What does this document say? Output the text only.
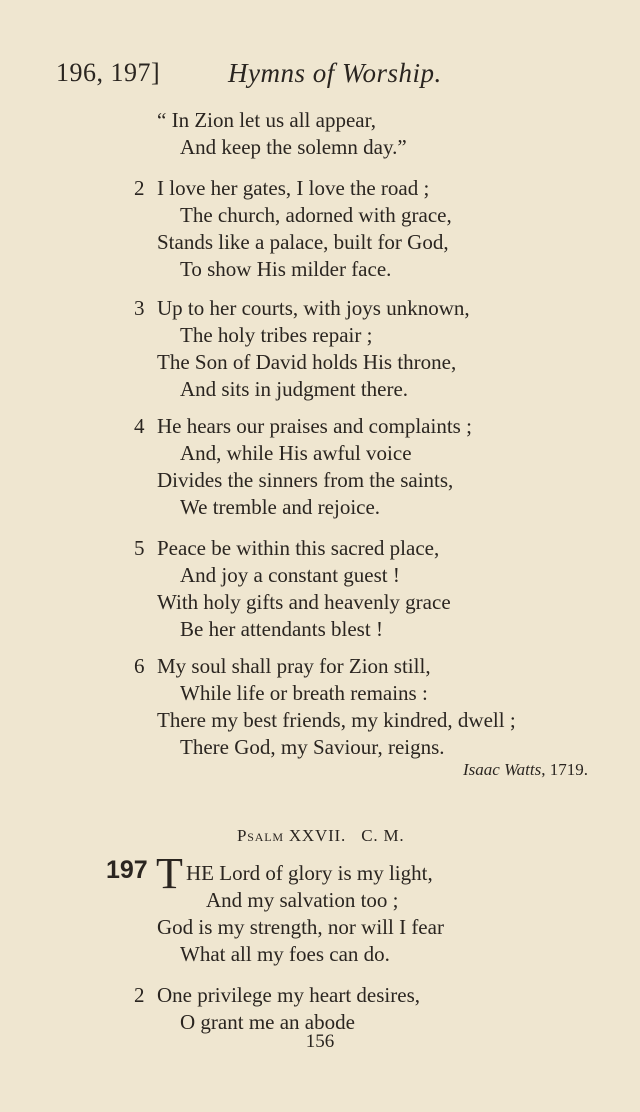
196, 197]	Hymns of Worship.
“ In Zion let us all appear,
And keep the solemn day.”
2 I love her gates, I love the road ;
The church, adorned with grace,
Stands like a palace, built for God,
To show His milder face.
3 Up to her courts, with joys unknown,
The holy tribes repair ;
The Son of David holds His throne,
And sits in judgment there.
4 He hears our praises and complaints ;
And, while His awful voice
Divides the sinners from the saints,
We tremble and rejoice.
5 Peace be within this sacred place,
And joy a constant guest !
With holy gifts and heavenly grace
Be her attendants blest !
6 My soul shall pray for Zion still,
While life or breath remains :
There my best friends, my kindred, dwell ;
There God, my Saviour, reigns.
Isaac Watts, 1719.
Psalm XXVII. C. M.
197 T HE Lord of glory is my light,
And my salvation too ;
God is my strength, nor will I fear
What all my foes can do.
2 One privilege my heart desires,
O grant me an abode
156
